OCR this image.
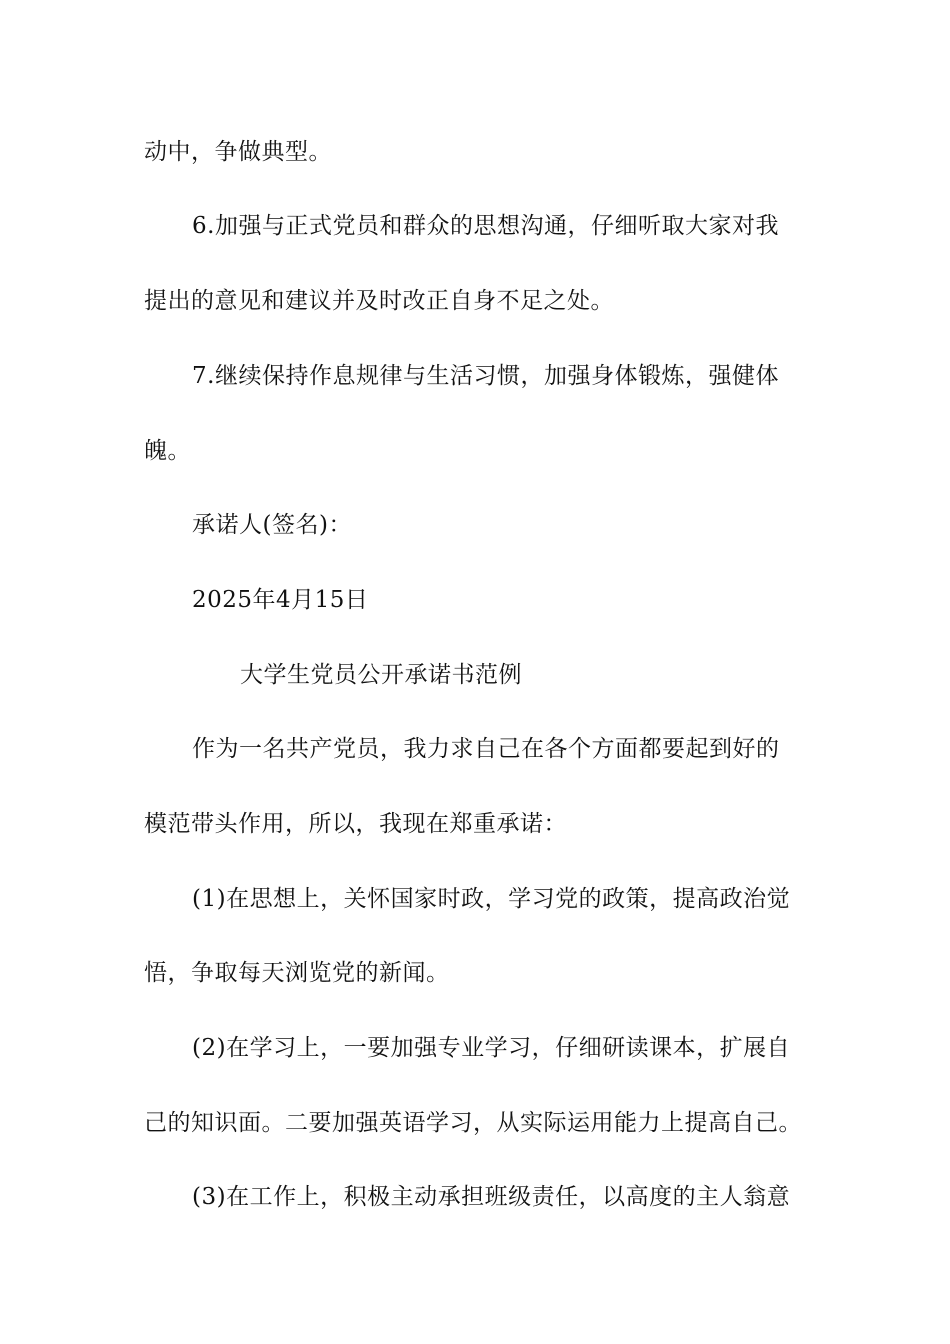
动中，争做典型。
6.加强与正式党员和群众的思想沟通，仔细听取大家对我
提出的意见和建议并及时改正自身不足之处。
7.继续保持作息规律与生活习惯，加强身体锻炼，强健体
魄。
承诺人(签名)：
2025年4月15日
大学生党员公开承诺书范例
作为一名共产党员，我力求自己在各个方面都要起到好的
模范带头作用，所以，我现在郑重承诺：
(1)在思想上，关怀国家时政，学习党的政策，提高政治觉
悟，争取每天浏览党的新闻。
(2)在学习上，一要加强专业学习，仔细研读课本，扩展自
己的知识面。二要加强英语学习，从实际运用能力上提高自己。
(3)在工作上，积极主动承担班级责任，以高度的主人翁意
